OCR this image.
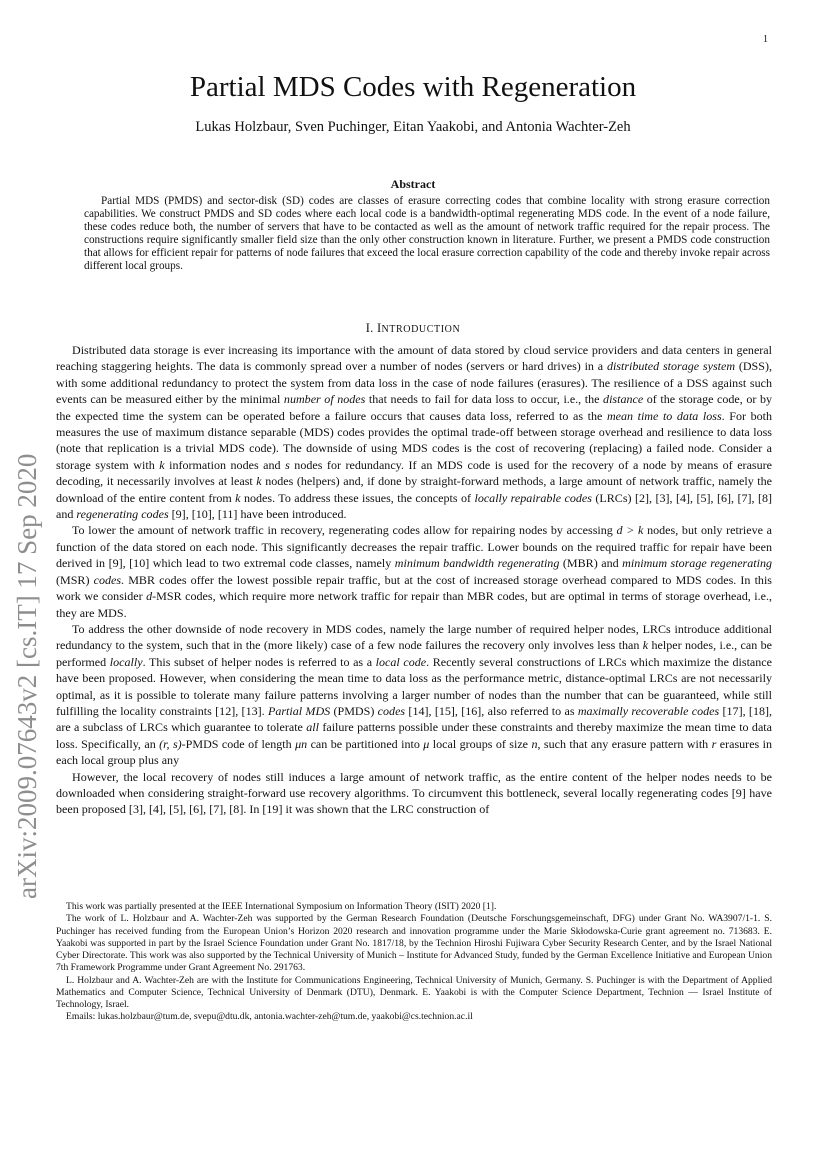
1
Partial MDS Codes with Regeneration
Lukas Holzbaur, Sven Puchinger, Eitan Yaakobi, and Antonia Wachter-Zeh
Abstract

Partial MDS (PMDS) and sector-disk (SD) codes are classes of erasure correcting codes that combine locality with strong erasure correction capabilities. We construct PMDS and SD codes where each local code is a bandwidth-optimal regenerating MDS code. In the event of a node failure, these codes reduce both, the number of servers that have to be contacted as well as the amount of network traffic required for the repair process. The constructions require significantly smaller field size than the only other construction known in literature. Further, we present a PMDS code construction that allows for efficient repair for patterns of node failures that exceed the local erasure correction capability of the code and thereby invoke repair across different local groups.

I. INTRODUCTION
arXiv:2009.07643v2 [cs.IT] 17 Sep 2020

Distributed data storage is ever increasing its importance with the amount of data stored by cloud service providers and data centers in general reaching staggering heights. The data is commonly spread over a number of nodes (servers or hard drives) in a distributed storage system (DSS), with some additional redundancy to protect the system from data loss in the case of node failures (erasures). The resilience of a DSS against such events can be measured either by the minimal number of nodes that needs to fail for data loss to occur, i.e., the distance of the storage code, or by the expected time the system can be operated before a failure occurs that causes data loss, referred to as the mean time to data loss. For both measures the use of maximum distance separable (MDS) codes provides the optimal trade-off between storage overhead and resilience to data loss (note that replication is a trivial MDS code). The downside of using MDS codes is the cost of recovering (replacing) a failed node. Consider a storage system with k information nodes and s nodes for redundancy. If an MDS code is used for the recovery of a node by means of erasure decoding, it necessarily involves at least k nodes (helpers) and, if done by straight-forward methods, a large amount of network traffic, namely the download of the entire content from k nodes. To address these issues, the concepts of locally repairable codes (LRCs) [2], [3], [4], [5], [6], [7], [8] and regenerating codes [9], [10], [11] have been introduced.

To lower the amount of network traffic in recovery, regenerating codes allow for repairing nodes by accessing d > k nodes, but only retrieve a function of the data stored on each node. This significantly decreases the repair traffic. Lower bounds on the required traffic for repair have been derived in [9], [10] which lead to two extremal code classes, namely minimum bandwidth regenerating (MBR) and minimum storage regenerating (MSR) codes. MBR codes offer the lowest possible repair traffic, but at the cost of increased storage overhead compared to MDS codes. In this work we consider d-MSR codes, which require more network traffic for repair than MBR codes, but are optimal in terms of storage overhead, i.e., they are MDS.

To address the other downside of node recovery in MDS codes, namely the large number of required helper nodes, LRCs introduce additional redundancy to the system, such that in the (more likely) case of a few node failures the recovery only involves less than k helper nodes, i.e., can be performed locally. This subset of helper nodes is referred to as a local code. Recently several constructions of LRCs which maximize the distance have been proposed. However, when considering the mean time to data loss as the performance metric, distance-optimal LRCs are not necessarily optimal, as it is possible to tolerate many failure patterns involving a larger number of nodes than the number that can be guaranteed, while still fulfilling the locality constraints [12], [13]. Partial MDS (PMDS) codes [14], [15], [16], also referred to as maximally recoverable codes [17], [18], are a subclass of LRCs which guarantee to tolerate all failure patterns possible under these constraints and thereby maximize the mean time to data loss. Specifically, an (r, s)-PMDS code of length μn can be partitioned into μ local groups of size n, such that any erasure pattern with r erasures in each local group plus any

However, the local recovery of nodes still induces a large amount of network traffic, as the entire content of the helper nodes needs to be downloaded when considering straight-forward use recovery algorithms. To circumvent this bottleneck, several locally regenerating codes [9] have been proposed [3], [4], [5], [6], [7], [8]. In [19] it was shown that the LRC construction of

This work was partially presented at the IEEE International Symposium on Information Theory (ISIT) 2020 [1].

The work of L. Holzbaur and A. Wachter-Zeh was supported by the German Research Foundation (Deutsche Forschungsgemeinschaft, DFG) under Grant No. WA3907/1-1. S. Puchinger has received funding from the European Union’s Horizon 2020 research and innovation programme under the Marie Skłodowska-Curie grant agreement no. 713683. E. Yaakobi was supported in part by the Israel Science Foundation under Grant No. 1817/18, by the Technion Hiroshi Fujiwara Cyber Security Research Center, and by the Israel National Cyber Directorate. This work was also supported by the Technical University of Munich – Institute for Advanced Study, funded by the German Excellence Initiative and European Union 7th Framework Programme under Grant Agreement No. 291763.

L. Holzbaur and A. Wachter-Zeh are with the Institute for Communications Engineering, Technical University of Munich, Germany. S. Puchinger is with the Department of Applied Mathematics and Computer Science, Technical University of Denmark (DTU), Denmark. E. Yaakobi is with the Computer Science Department, Technion — Israel Institute of Technology, Israel.

Emails: lukas.holzbaur@tum.de, svepu@dtu.dk, antonia.wachter-zeh@tum.de, yaakobi@cs.technion.ac.il
